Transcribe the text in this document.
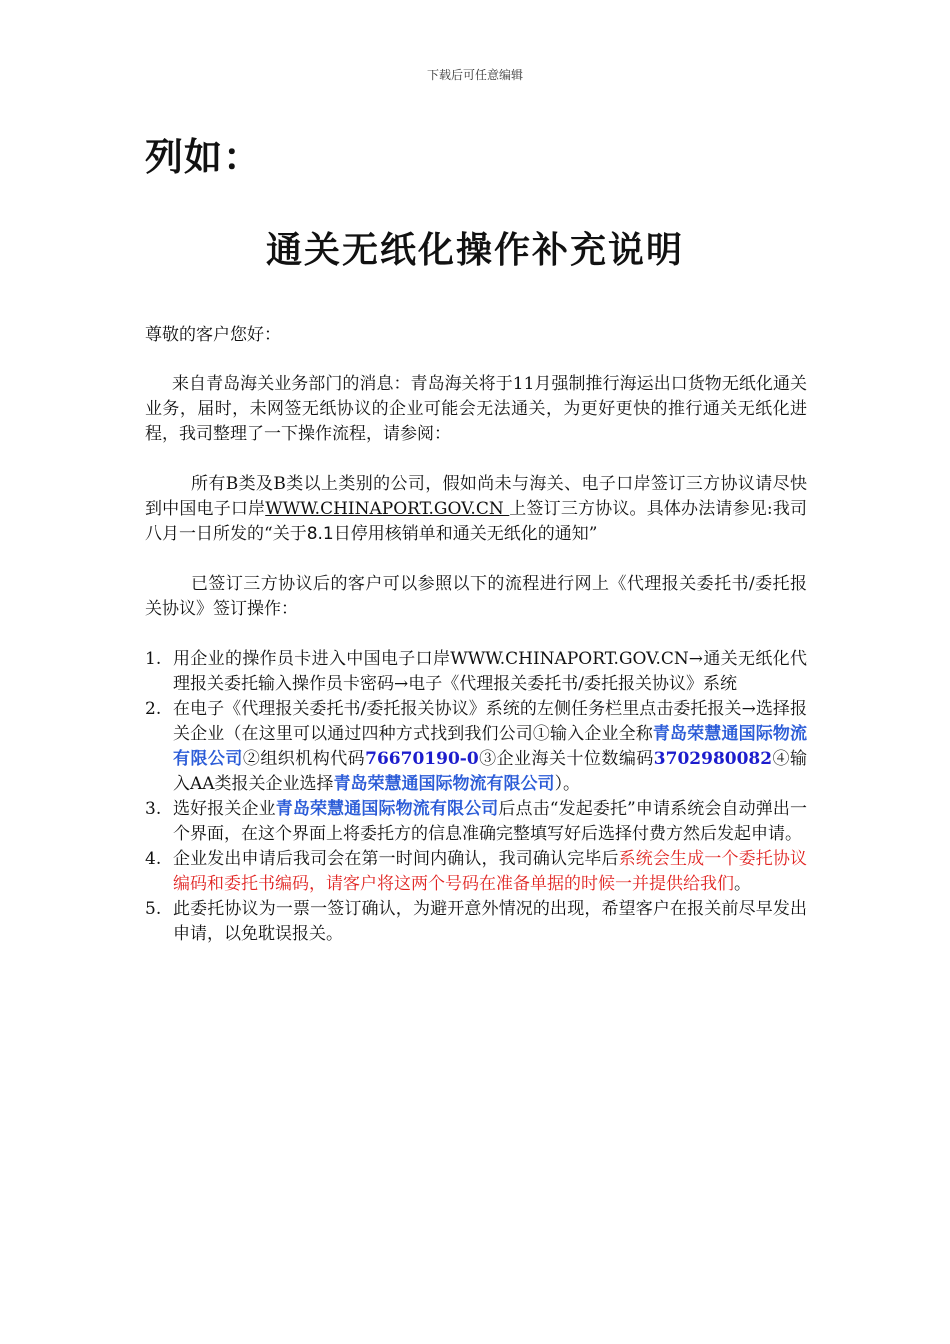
下载后可任意编辑
列如：
通关无纸化操作补充说明
尊敬的客户您好：
来自青岛海关业务部门的消息：青岛海关将于11月强制推行海运出口货物无纸化通关业务，届时，未网签无纸协议的企业可能会无法通关，为更好更快的推行通关无纸化进程，我司整理了一下操作流程，请参阅：
所有B类及B类以上类别的公司，假如尚未与海关、电子口岸签订三方协议请尽快到中国电子口岸WWW.CHINAPORT.GOV.CN 上签订三方协议。具体办法请参见:我司八月一日所发的“关于8.1日停用核销单和通关无纸化的通知”
已签订三方协议后的客户可以参照以下的流程进行网上《代理报关委托书/委托报关协议》签订操作：
1. 用企业的操作员卡进入中国电子口岸WWW.CHINAPORT.GOV.CN→通关无纸化代理报关委托输入操作员卡密码→电子《代理报关委托书/委托报关协议》系统
2. 在电子《代理报关委托书/委托报关协议》系统的左侧任务栏里点击委托报关→选择报关企业（在这里可以通过四种方式找到我们公司①输入企业全称青岛荣慧通国际物流有限公司②组织机构代码76670190-0③企业海关十位数编码3702980082④输入AA类报关企业选择青岛荣慧通国际物流有限公司）。
3. 选好报关企业青岛荣慧通国际物流有限公司后点击“发起委托”申请系统会自动弹出一个界面，在这个界面上将委托方的信息准确完整填写好后选择付费方然后发起申请。
4. 企业发出申请后我司会在第一时间内确认，我司确认完毕后系统会生成一个委托协议编码和委托书编码，请客户将这两个号码在准备单据的时候一并提供给我们。
5. 此委托协议为一票一签订确认，为避开意外情况的出现，希望客户在报关前尽早发出申请，以免耽误报关。
